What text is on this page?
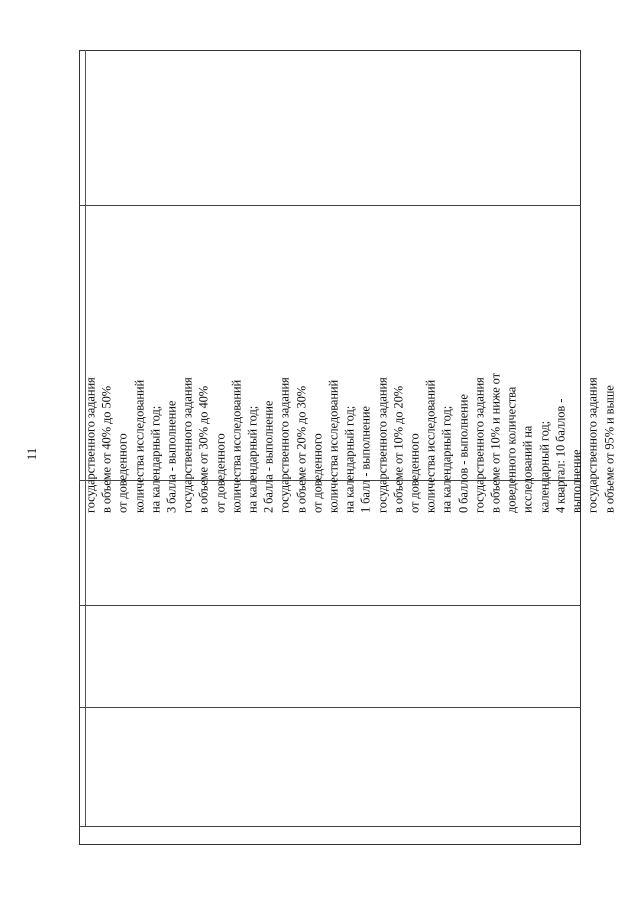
11	государственного задания в объеме от 40% до 50% от доведенного количества исследований на календарный год; 3 балла - выполнение государственного задания в объеме от 30% до 40% от доведенного количества исследований на календарный год; 2 балла - выполнение государственного задания в объеме от 20% до 30% от доведенного количества исследований на календарный год; 1 балл - выполнение государственного задания в объеме от 10% до 20% от доведенного количества исследований на календарный год; 0 баллов - выполнение государственного задания в объеме от 10% и ниже от доведенного количества исследований на календарный год; 4 квартал: 10 баллов - выполнение государственного задания в объеме от 95% и выше
